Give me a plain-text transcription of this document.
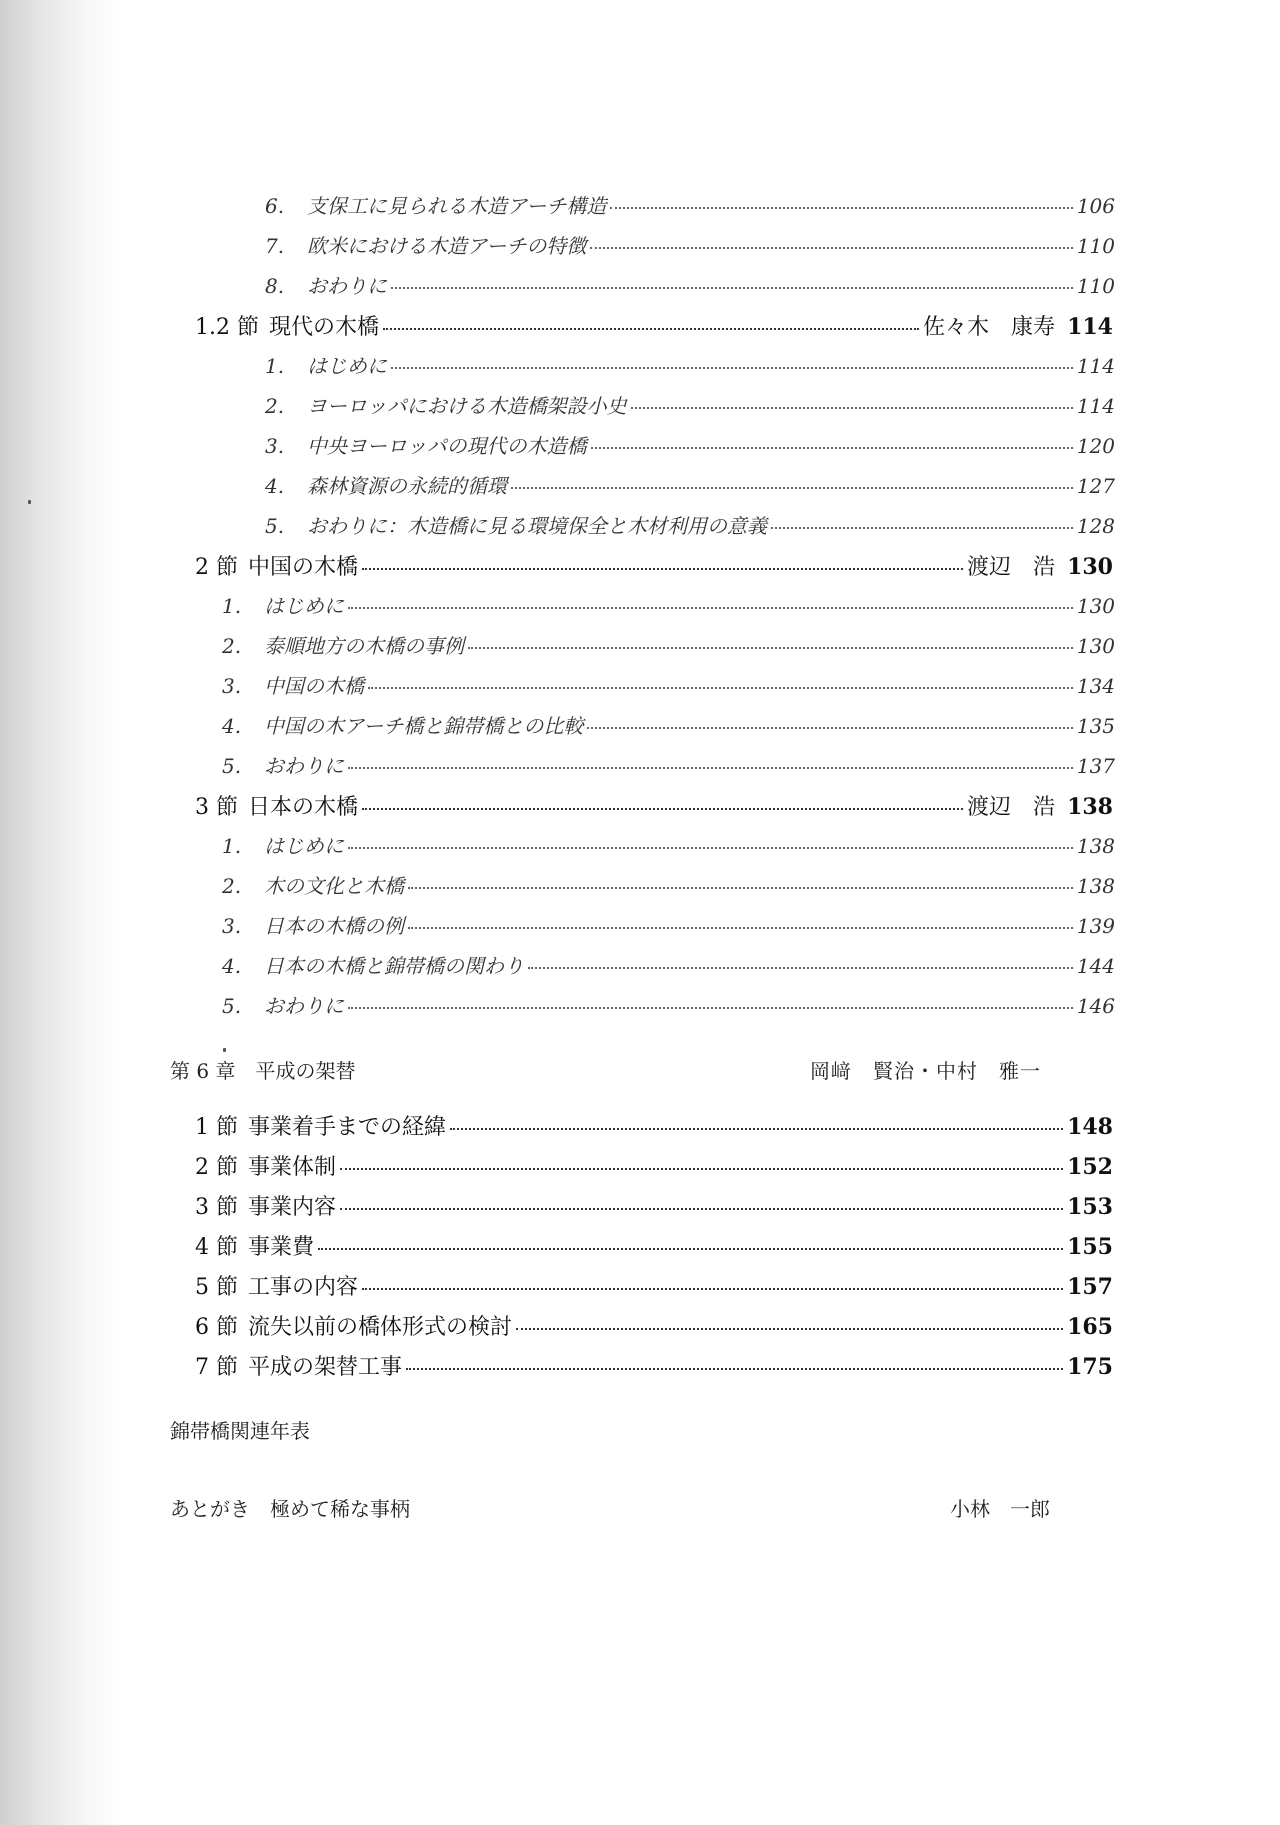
6.	支保工に見られる木造アーチ構造	106
7.	欧米における木造アーチの特徴	110
8.	おわりに	110
1.2 節 現代の木橋	佐々木　康寿 114
1.	はじめに	114
2.	ヨーロッパにおける木造橋架設小史	114
3.	中央ヨーロッパの現代の木造橋	120
4.	森林資源の永続的循環	127
5.	おわりに：木造橋に見る環境保全と木材利用の意義	128
2 節 中国の木橋	渡辺　浩 130
1.	はじめに	130
2.	泰順地方の木橋の事例	130
3.	中国の木橋	134
4.	中国の木アーチ橋と錦帯橋との比較	135
5.	おわりに	137
3 節 日本の木橋	渡辺　浩 138
1.	はじめに	138
2.	木の文化と木橋	138
3.	日本の木橋の例	139
4.	日本の木橋と錦帯橋の関わり	144
5.	おわりに	146
第 6 章　平成の架替	岡﨑　賢治・中村　雅一
1 節 事業着手までの経緯	148
2 節 事業体制	152
3 節 事業内容	153
4 節 事業費	155
5 節 工事の内容	157
6 節 流失以前の橋体形式の検討	165
7 節 平成の架替工事	175
錦帯橋関連年表
あとがき　極めて稀な事柄	小林　一郎
